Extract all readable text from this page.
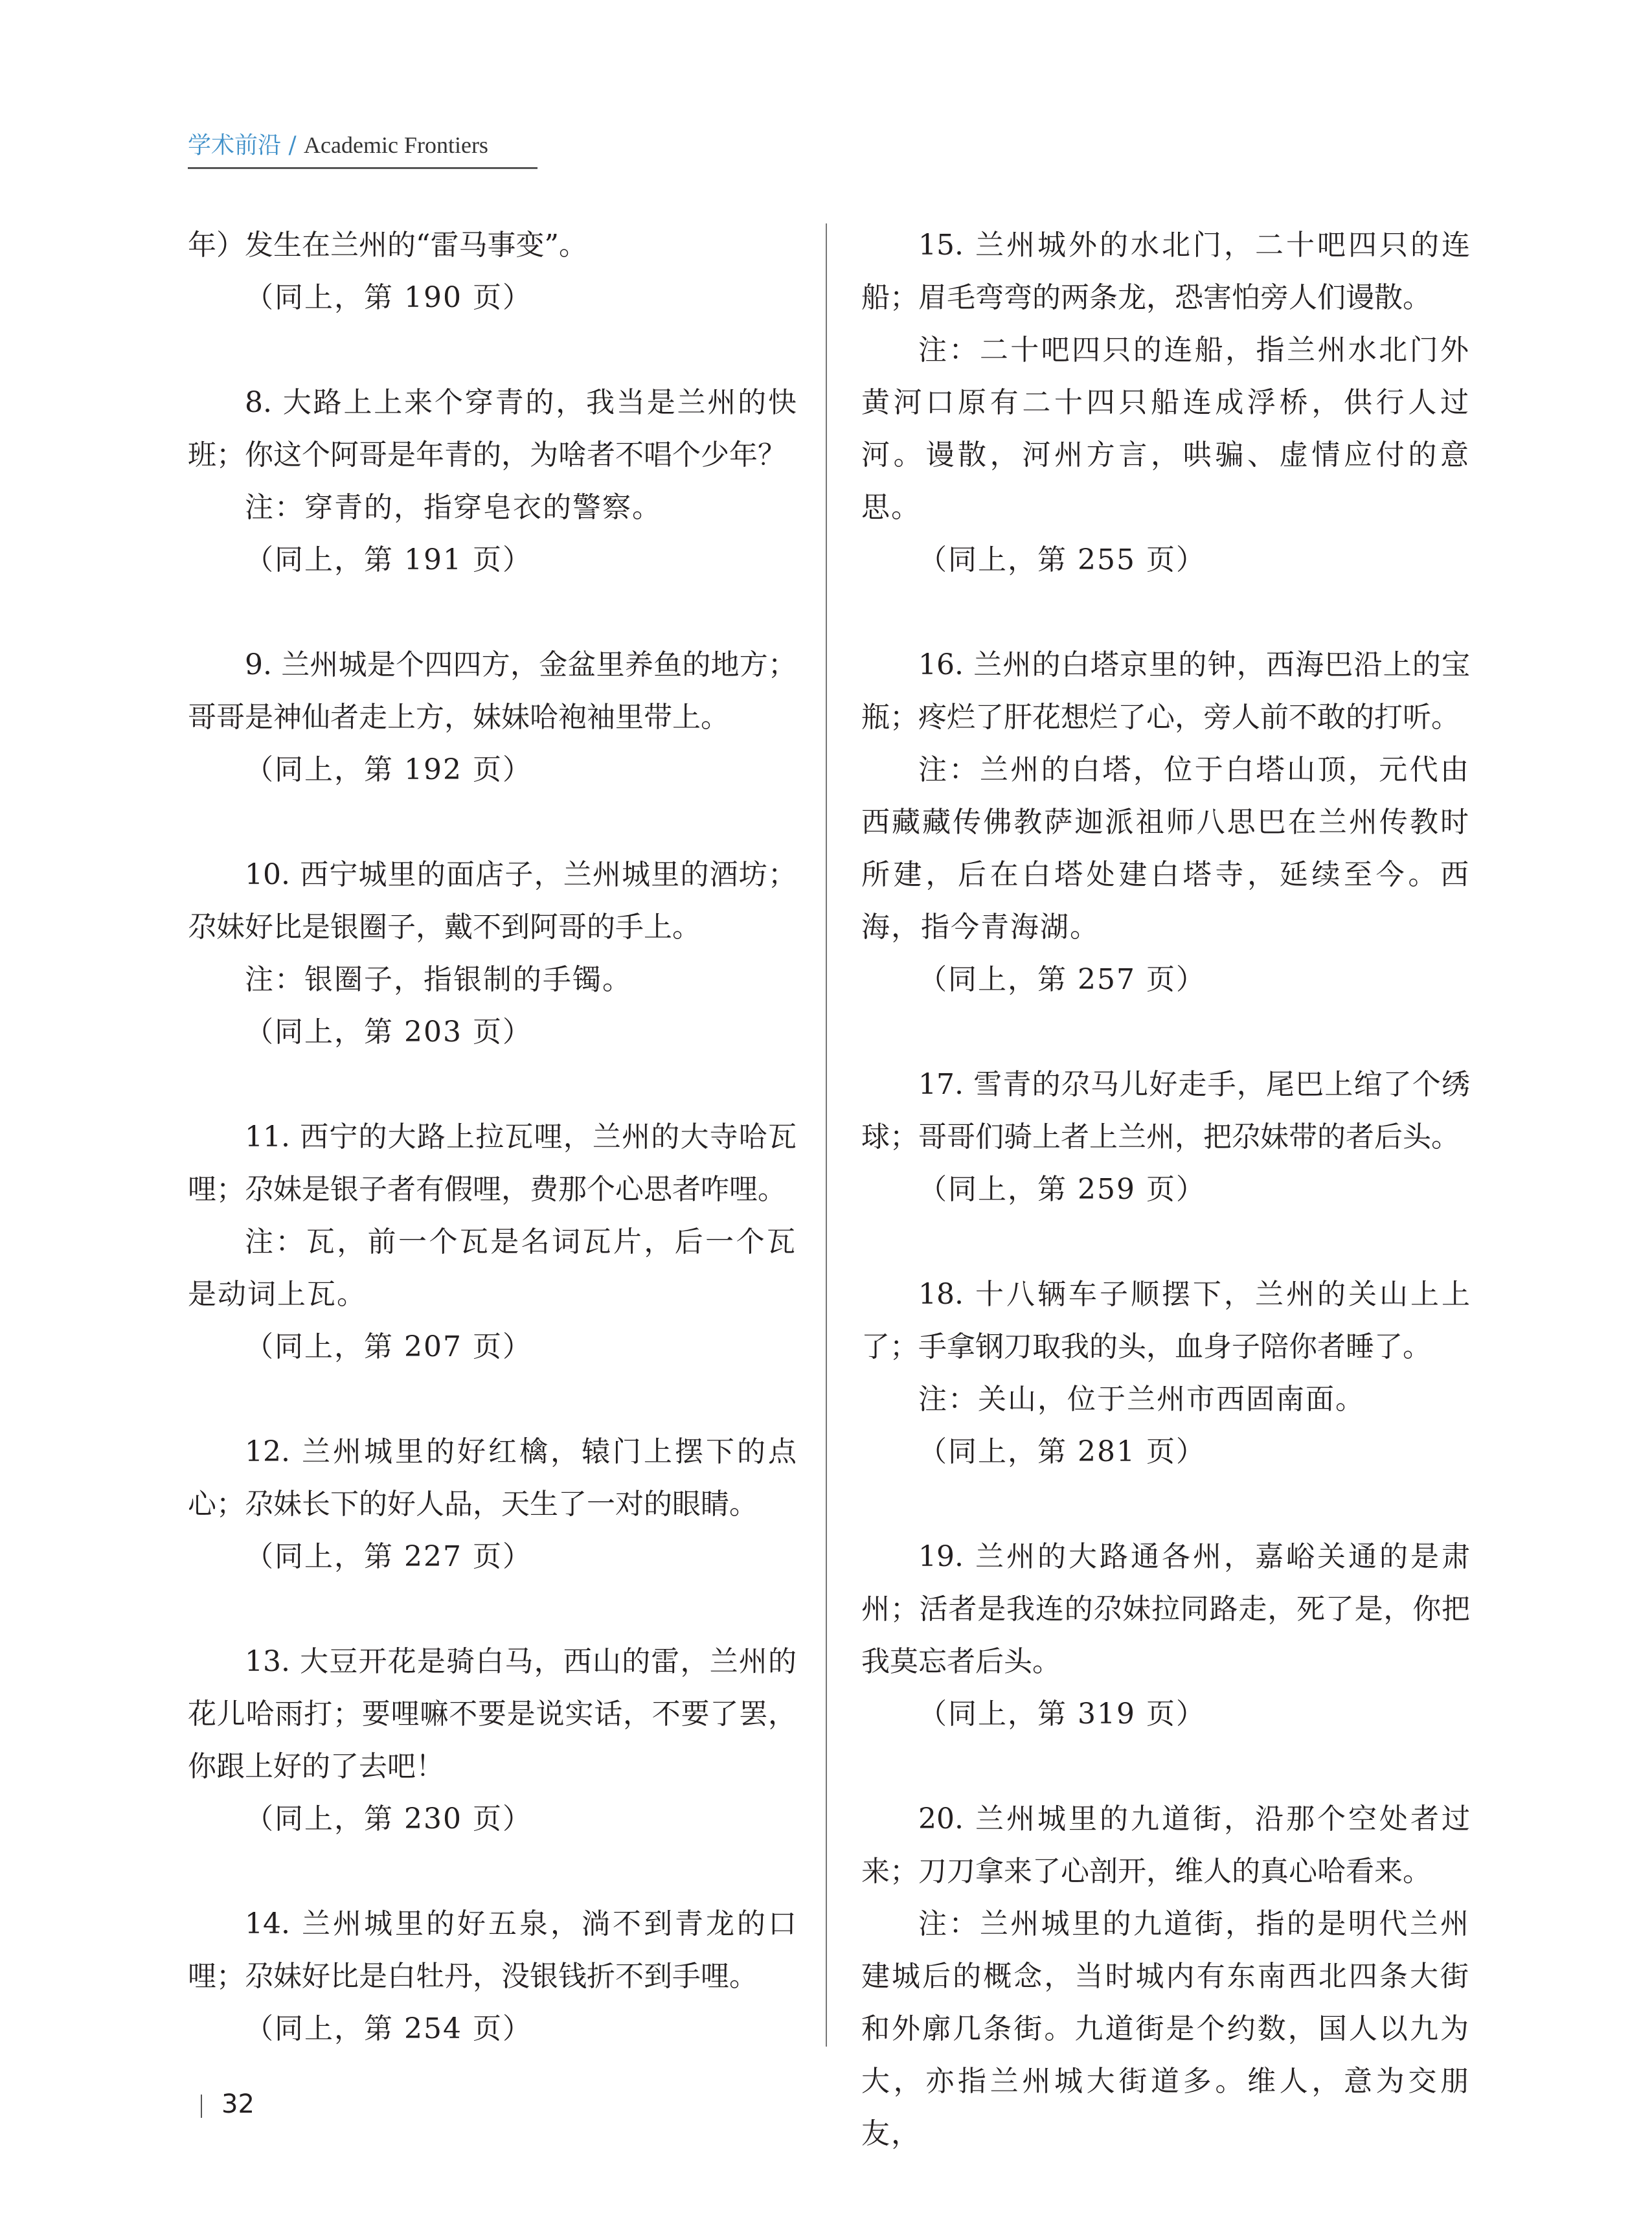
学术前沿 / Academic Frontiers

年）发生在兰州的“雷马事变”。

（同上，第 190 页）

8. 大路上上来个穿青的，我当是兰州的快班；你这个阿哥是年青的，为啥者不唱个少年？

注：穿青的，指穿皂衣的警察。

（同上，第 191 页）

9. 兰州城是个四四方，金盆里养鱼的地方；哥哥是神仙者走上方，妹妹哈袍袖里带上。

（同上，第 192 页）

10. 西宁城里的面店子，兰州城里的酒坊；尕妹好比是银圈子，戴不到阿哥的手上。

注：银圈子，指银制的手镯。

（同上，第 203 页）

11. 西宁的大路上拉瓦哩，兰州的大寺哈瓦哩；尕妹是银子者有假哩，费那个心思者咋哩。

注：瓦，前一个瓦是名词瓦片，后一个瓦是动词上瓦。

（同上，第 207 页）

12. 兰州城里的好红檎，辕门上摆下的点心；尕妹长下的好人品，天生了一对的眼睛。

（同上，第 227 页）

13. 大豆开花是骑白马，西山的雷，兰州的花儿哈雨打；要哩嘛不要是说实话，不要了罢，你跟上好的了去吧！

（同上，第 230 页）

14. 兰州城里的好五泉，淌不到青龙的口哩；尕妹好比是白牡丹，没银钱折不到手哩。

（同上，第 254 页）

15. 兰州城外的水北门，二十吧四只的连船；眉毛弯弯的两条龙，恐害怕旁人们谩散。

注：二十吧四只的连船，指兰州水北门外黄河口原有二十四只船连成浮桥，供行人过河。谩散，河州方言，哄骗、虚情应付的意思。

（同上，第 255 页）

16. 兰州的白塔京里的钟，西海巴沿上的宝瓶；疼烂了肝花想烂了心，旁人前不敢的打听。

注：兰州的白塔，位于白塔山顶，元代由西藏藏传佛教萨迦派祖师八思巴在兰州传教时所建，后在白塔处建白塔寺，延续至今。西海，指今青海湖。

（同上，第 257 页）

17. 雪青的尕马儿好走手，尾巴上绾了个绣球；哥哥们骑上者上兰州，把尕妹带的者后头。

（同上，第 259 页）

18. 十八辆车子顺摆下，兰州的关山上上了；手拿钢刀取我的头，血身子陪你者睡了。

注：关山，位于兰州市西固南面。

（同上，第 281 页）

19. 兰州的大路通各州，嘉峪关通的是肃州；活者是我连的尕妹拉同路走，死了是，你把我莫忘者后头。

（同上，第 319 页）

20. 兰州城里的九道街，沿那个空处者过来；刀刀拿来了心剖开，维人的真心哈看来。

注：兰州城里的九道街，指的是明代兰州建城后的概念，当时城内有东南西北四条大街和外廓几条街。九道街是个约数，国人以九为大，亦指兰州城大街道多。维人，意为交朋友，

32
